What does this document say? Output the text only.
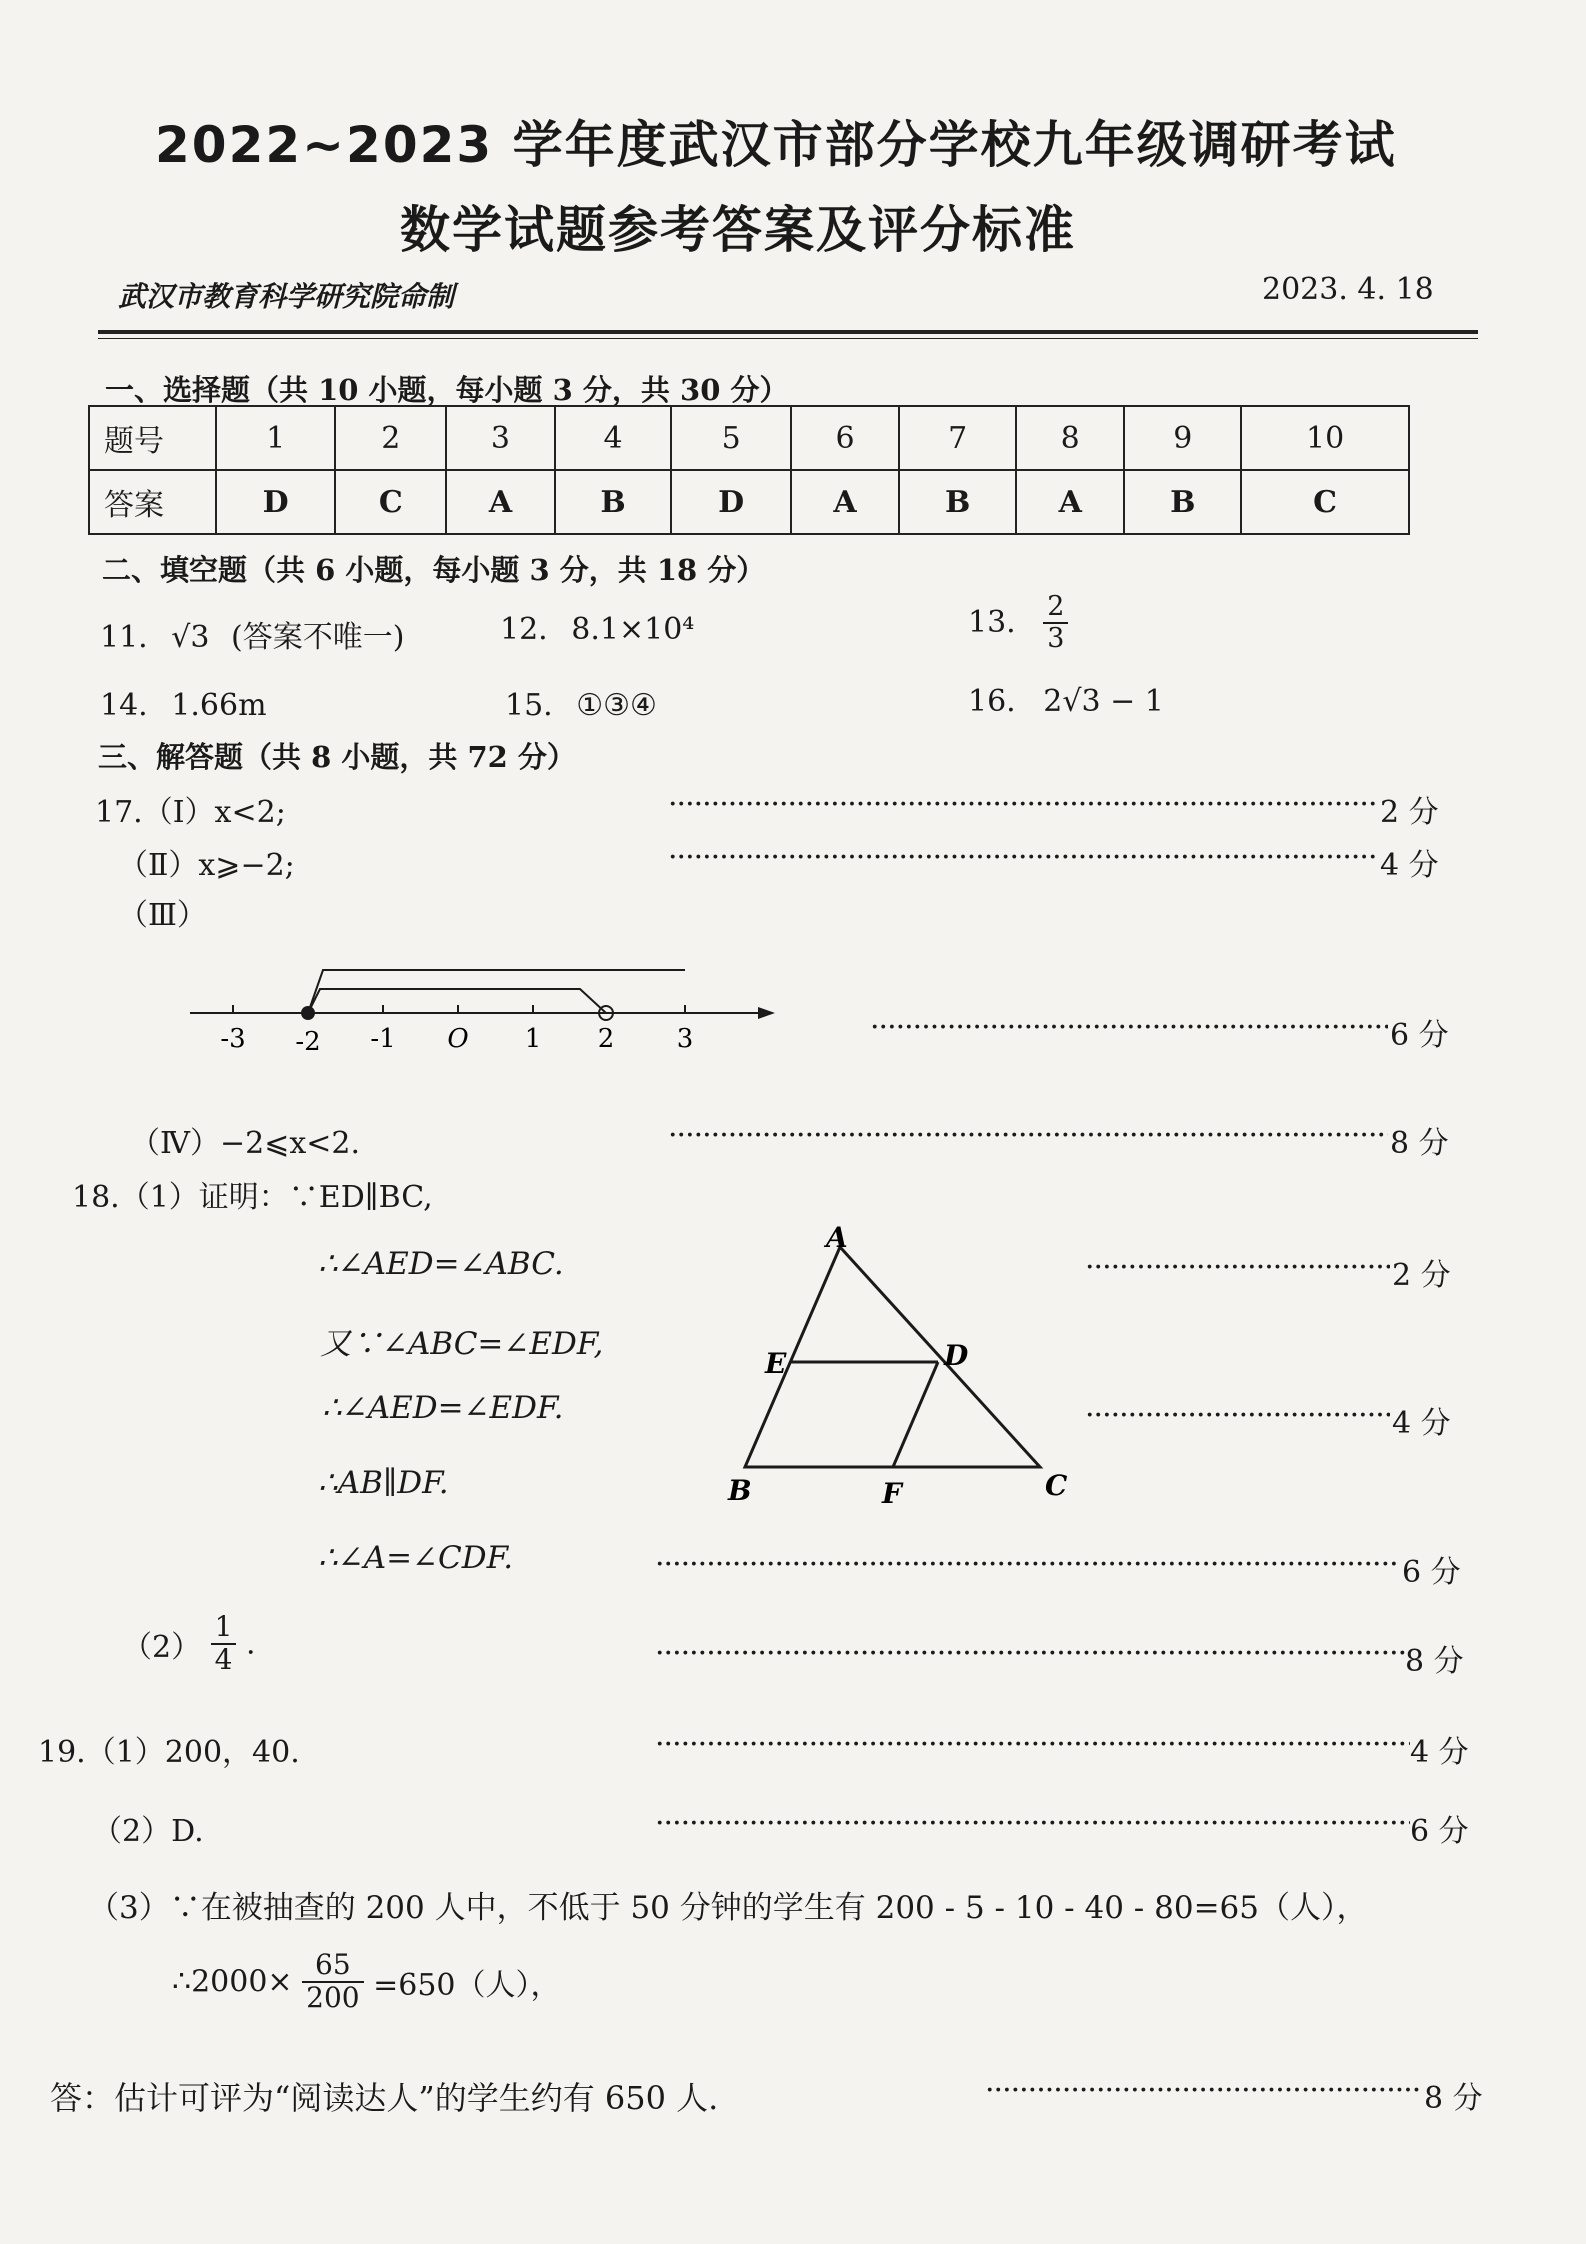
2022~2023 学年度武汉市部分学校九年级调研考试
数学试题参考答案及评分标准
武汉市教育科学研究院命制	2023. 4. 18
一、选择题（共 10 小题，每小题 3 分，共 30 分）
题号	1	2	3	4	5	6	7	8	9	10
答案	D	C	A	B	D	A	B	A	B	C
二、填空题（共 6 小题，每小题 3 分，共 18 分）
11. √3 (答案不唯一)	12. 8.1×10⁴	13. $\frac{2}{3}$
14. 1.66m	15. ①③④	16. 2√3 − 1
三、解答题（共 8 小题，共 72 分）
17.（Ⅰ）x<2; ·····	2 分
（Ⅱ）x⩾−2; ·····	4 分
（Ⅲ）
-3 -2 -1 O 1 2 3 ·····	6 分
（Ⅳ）−2⩽x<2. ·····	8 分
18.（1）证明：∵ED∥BC,
∴∠AED=∠ABC. ·····	2 分
又∵∠ABC=∠EDF,
∴∠AED=∠EDF. ·····	4 分
∴AB∥DF.
∴∠A=∠CDF. ·····	6 分
A
E	D
B	F	C
$(2) \frac{1}{4}$ .
·····
8 分
19.（1）200，40. ·····	4 分
（2）D. ·····	6 分
（3）∵在被抽查的 200 人中，不低于 50 分钟的学生有 200 - 5 - 10 - 40 - 80=65（人），
∴2000× $\frac{65}{200} =650$（人），
答：估计可评为“阅读达人”的学生约有 650 人. ·····	8 分
